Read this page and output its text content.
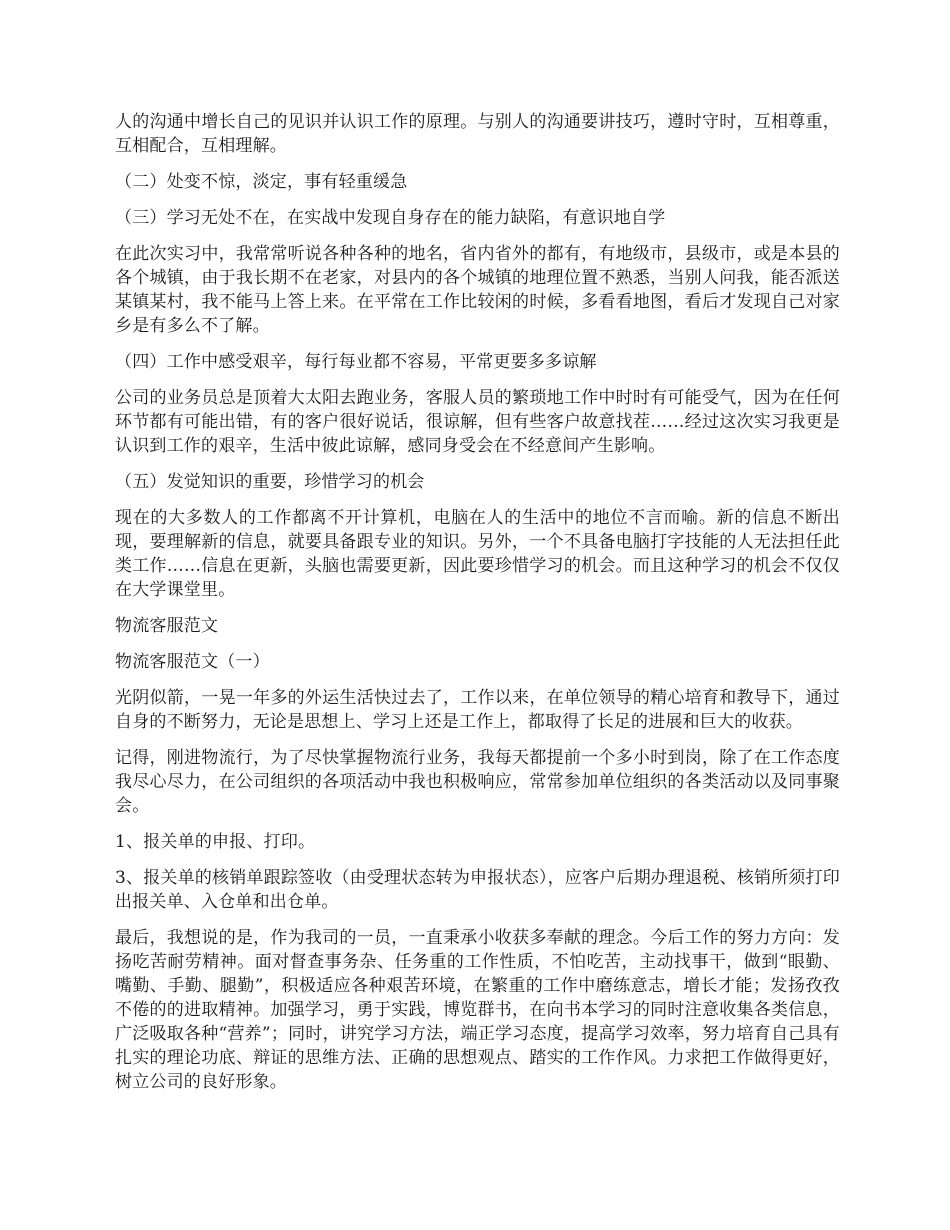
人的沟通中增长自己的见识并认识工作的原理。与别人的沟通要讲技巧，遵时守时，互相尊重，互相配合，互相理解。

（二）处变不惊，淡定，事有轻重缓急

（三）学习无处不在，在实战中发现自身存在的能力缺陷，有意识地自学

在此次实习中，我常常听说各种各种的地名，省内省外的都有，有地级市，县级市，或是本县的各个城镇，由于我长期不在老家，对县内的各个城镇的地理位置不熟悉，当别人问我，能否派送某镇某村，我不能马上答上来。在平常在工作比较闲的时候，多看看地图，看后才发现自己对家乡是有多么不了解。

（四）工作中感受艰辛，每行每业都不容易，平常更要多多谅解

公司的业务员总是顶着大太阳去跑业务，客服人员的繁琐地工作中时时有可能受气，因为在任何环节都有可能出错，有的客户很好说话，很谅解，但有些客户故意找茬……经过这次实习我更是认识到工作的艰辛，生活中彼此谅解，感同身受会在不经意间产生影响。

（五）发觉知识的重要，珍惜学习的机会

现在的大多数人的工作都离不开计算机，电脑在人的生活中的地位不言而喻。新的信息不断出现，要理解新的信息，就要具备跟专业的知识。另外，一个不具备电脑打字技能的人无法担任此类工作……信息在更新，头脑也需要更新，因此要珍惜学习的机会。而且这种学习的机会不仅仅在大学课堂里。

物流客服范文

物流客服范文（一）

光阴似箭，一晃一年多的外运生活快过去了，工作以来，在单位领导的精心培育和教导下，通过自身的不断努力，无论是思想上、学习上还是工作上，都取得了长足的进展和巨大的收获。

记得，刚进物流行，为了尽快掌握物流行业务，我每天都提前一个多小时到岗，除了在工作态度我尽心尽力，在公司组织的各项活动中我也积极响应，常常参加单位组织的各类活动以及同事聚会。

1、报关单的申报、打印。

3、报关单的核销单跟踪签收（由受理状态转为申报状态），应客户后期办理退税、核销所须打印出报关单、入仓单和出仓单。

最后，我想说的是，作为我司的一员，一直秉承小收获多奉献的理念。今后工作的努力方向：发扬吃苦耐劳精神。面对督查事务杂、任务重的工作性质，不怕吃苦，主动找事干，做到“眼勤、嘴勤、手勤、腿勤”，积极适应各种艰苦环境，在繁重的工作中磨练意志，增长才能；发扬孜孜不倦的的进取精神。加强学习，勇于实践，博览群书，在向书本学习的同时注意收集各类信息，广泛吸取各种“营养”；同时，讲究学习方法，端正学习态度，提高学习效率，努力培育自己具有扎实的理论功底、辩证的思维方法、正确的思想观点、踏实的工作作风。力求把工作做得更好，树立公司的良好形象。
